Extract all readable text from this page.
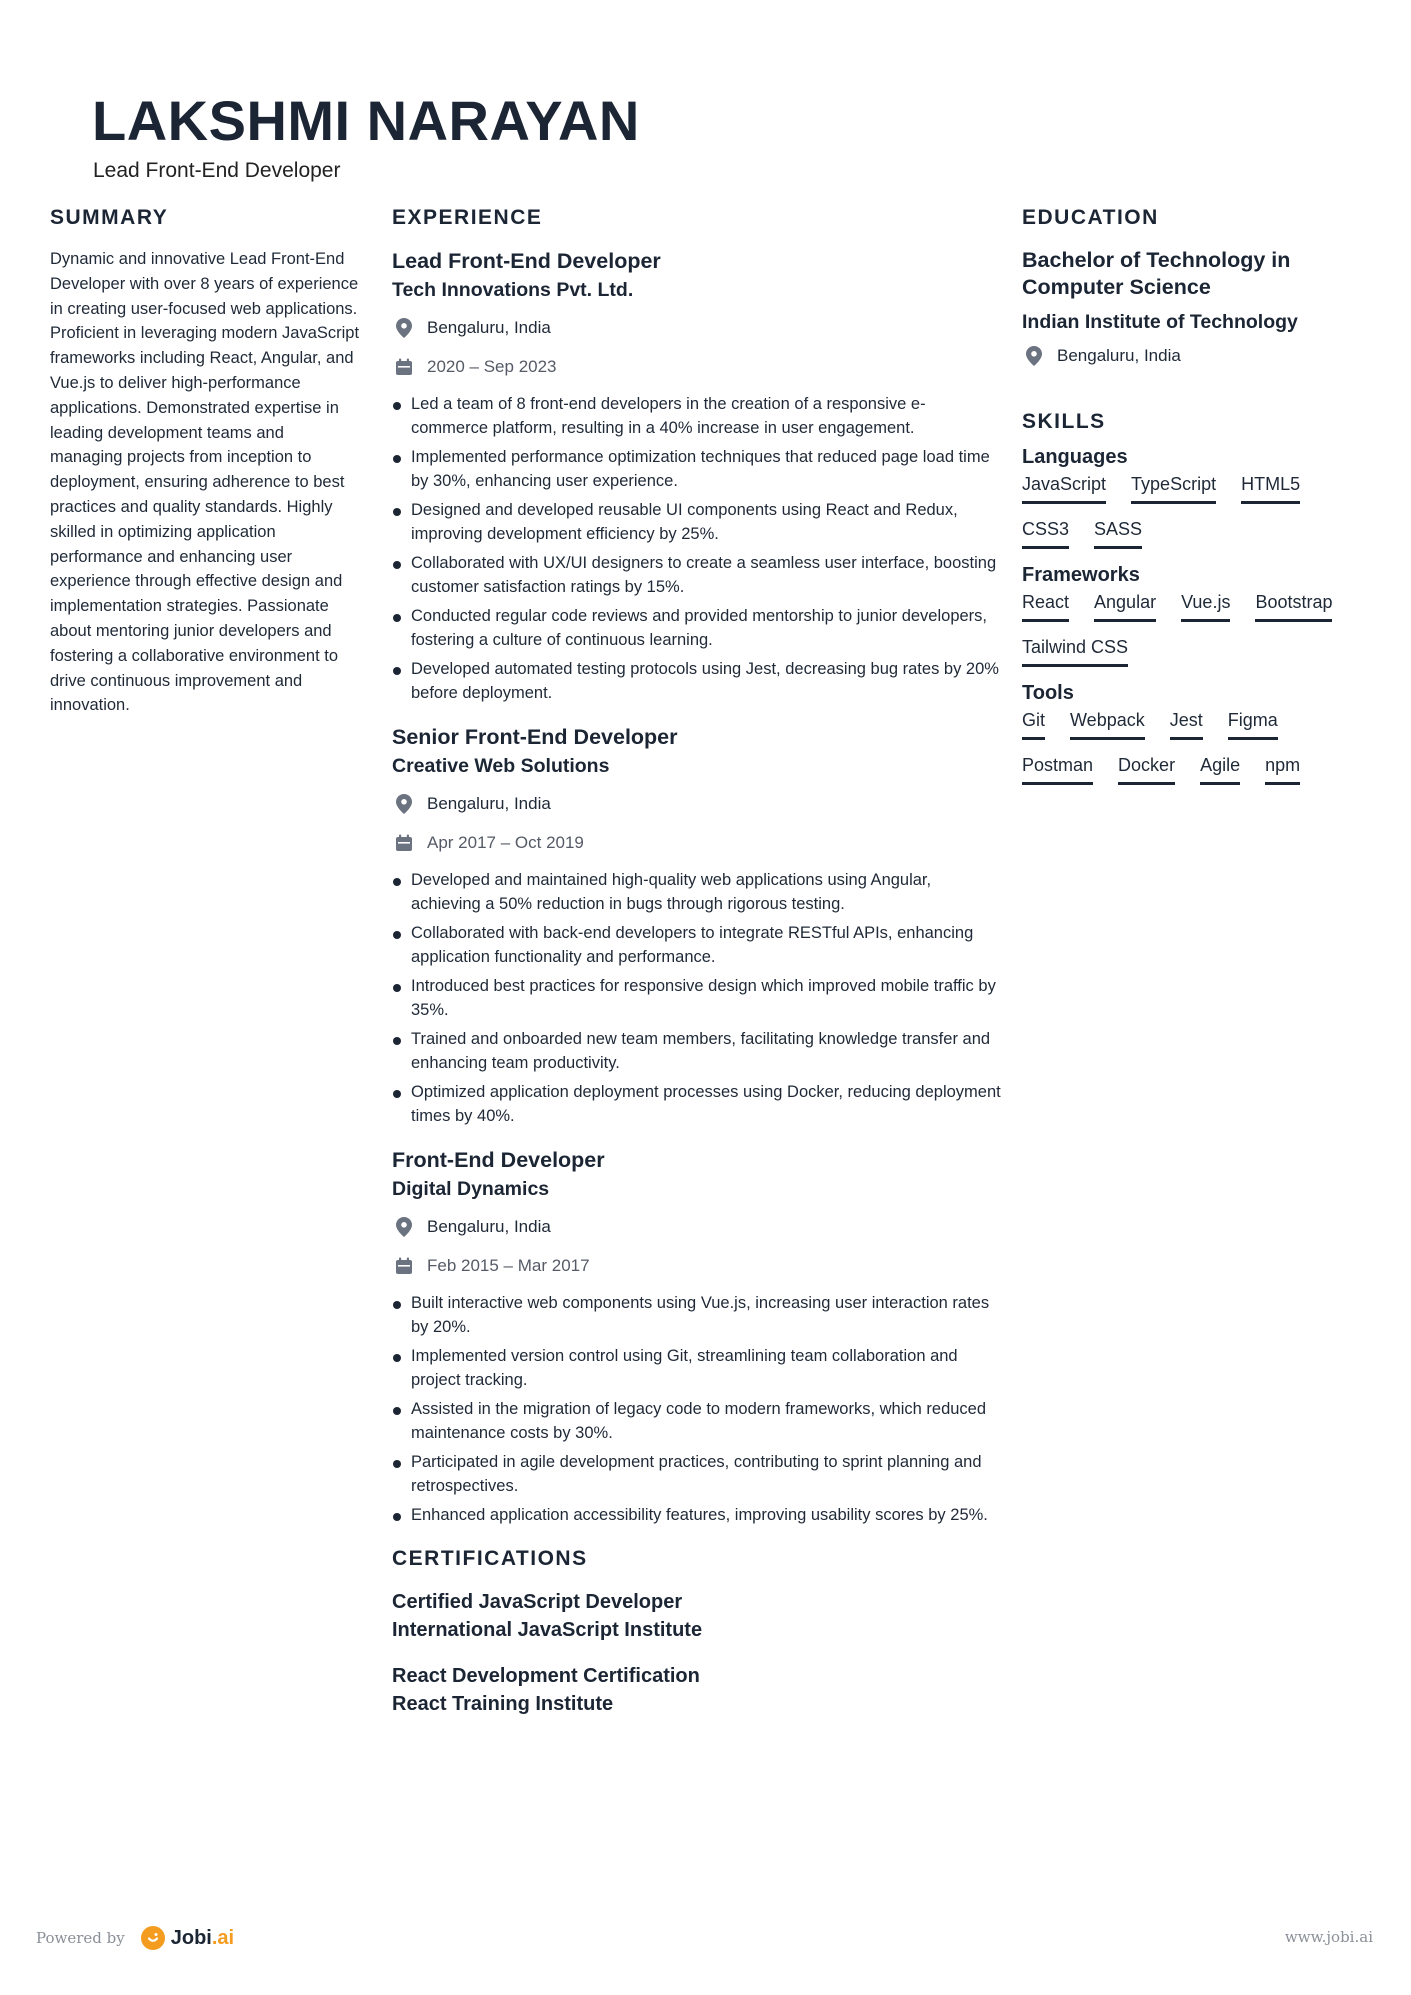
LAKSHMI NARAYAN

Lead Front-End Developer

SUMMARY

Dynamic and innovative Lead Front-End Developer with over 8 years of experience in creating user-focused web applications. Proficient in leveraging modern JavaScript frameworks including React, Angular, and Vue.js to deliver high-performance applications. Demonstrated expertise in leading development teams and managing projects from inception to deployment, ensuring adherence to best practices and quality standards. Highly skilled in optimizing application performance and enhancing user experience through effective design and implementation strategies. Passionate about mentoring junior developers and fostering a collaborative environment to drive continuous improvement and innovation.

EXPERIENCE

Lead Front-End Developer

Tech Innovations Pvt. Ltd.

Bengaluru, India
2020 – Sep 2023
Led a team of 8 front-end developers in the creation of a responsive e-commerce platform, resulting in a 40% increase in user engagement.
Implemented performance optimization techniques that reduced page load time by 30%, enhancing user experience.
Designed and developed reusable UI components using React and Redux, improving development efficiency by 25%.
Collaborated with UX/UI designers to create a seamless user interface, boosting customer satisfaction ratings by 15%.
Conducted regular code reviews and provided mentorship to junior developers, fostering a culture of continuous learning.
Developed automated testing protocols using Jest, decreasing bug rates by 20% before deployment.

Senior Front-End Developer

Creative Web Solutions

Bengaluru, India
Apr 2017 – Oct 2019
Developed and maintained high-quality web applications using Angular, achieving a 50% reduction in bugs through rigorous testing.
Collaborated with back-end developers to integrate RESTful APIs, enhancing application functionality and performance.
Introduced best practices for responsive design which improved mobile traffic by 35%.
Trained and onboarded new team members, facilitating knowledge transfer and enhancing team productivity.
Optimized application deployment processes using Docker, reducing deployment times by 40%.

Front-End Developer

Digital Dynamics

Bengaluru, India
Feb 2015 – Mar 2017
Built interactive web components using Vue.js, increasing user interaction rates by 20%.
Implemented version control using Git, streamlining team collaboration and project tracking.
Assisted in the migration of legacy code to modern frameworks, which reduced maintenance costs by 30%.
Participated in agile development practices, contributing to sprint planning and retrospectives.
Enhanced application accessibility features, improving usability scores by 25%.
CERTIFICATIONS

Certified JavaScript Developer

International JavaScript Institute

React Development Certification

React Training Institute

EDUCATION

Bachelor of Technology in Computer Science

Indian Institute of Technology

Bengaluru, India
SKILLS

Languages

JavaScript TypeScript HTML5
CSS3 SASS

Frameworks

React Angular Vue.js Bootstrap
Tailwind CSS

Tools

Git Webpack Jest Figma
Postman Docker Agile npm
Powered by Jobi.ai	www.jobi.ai
